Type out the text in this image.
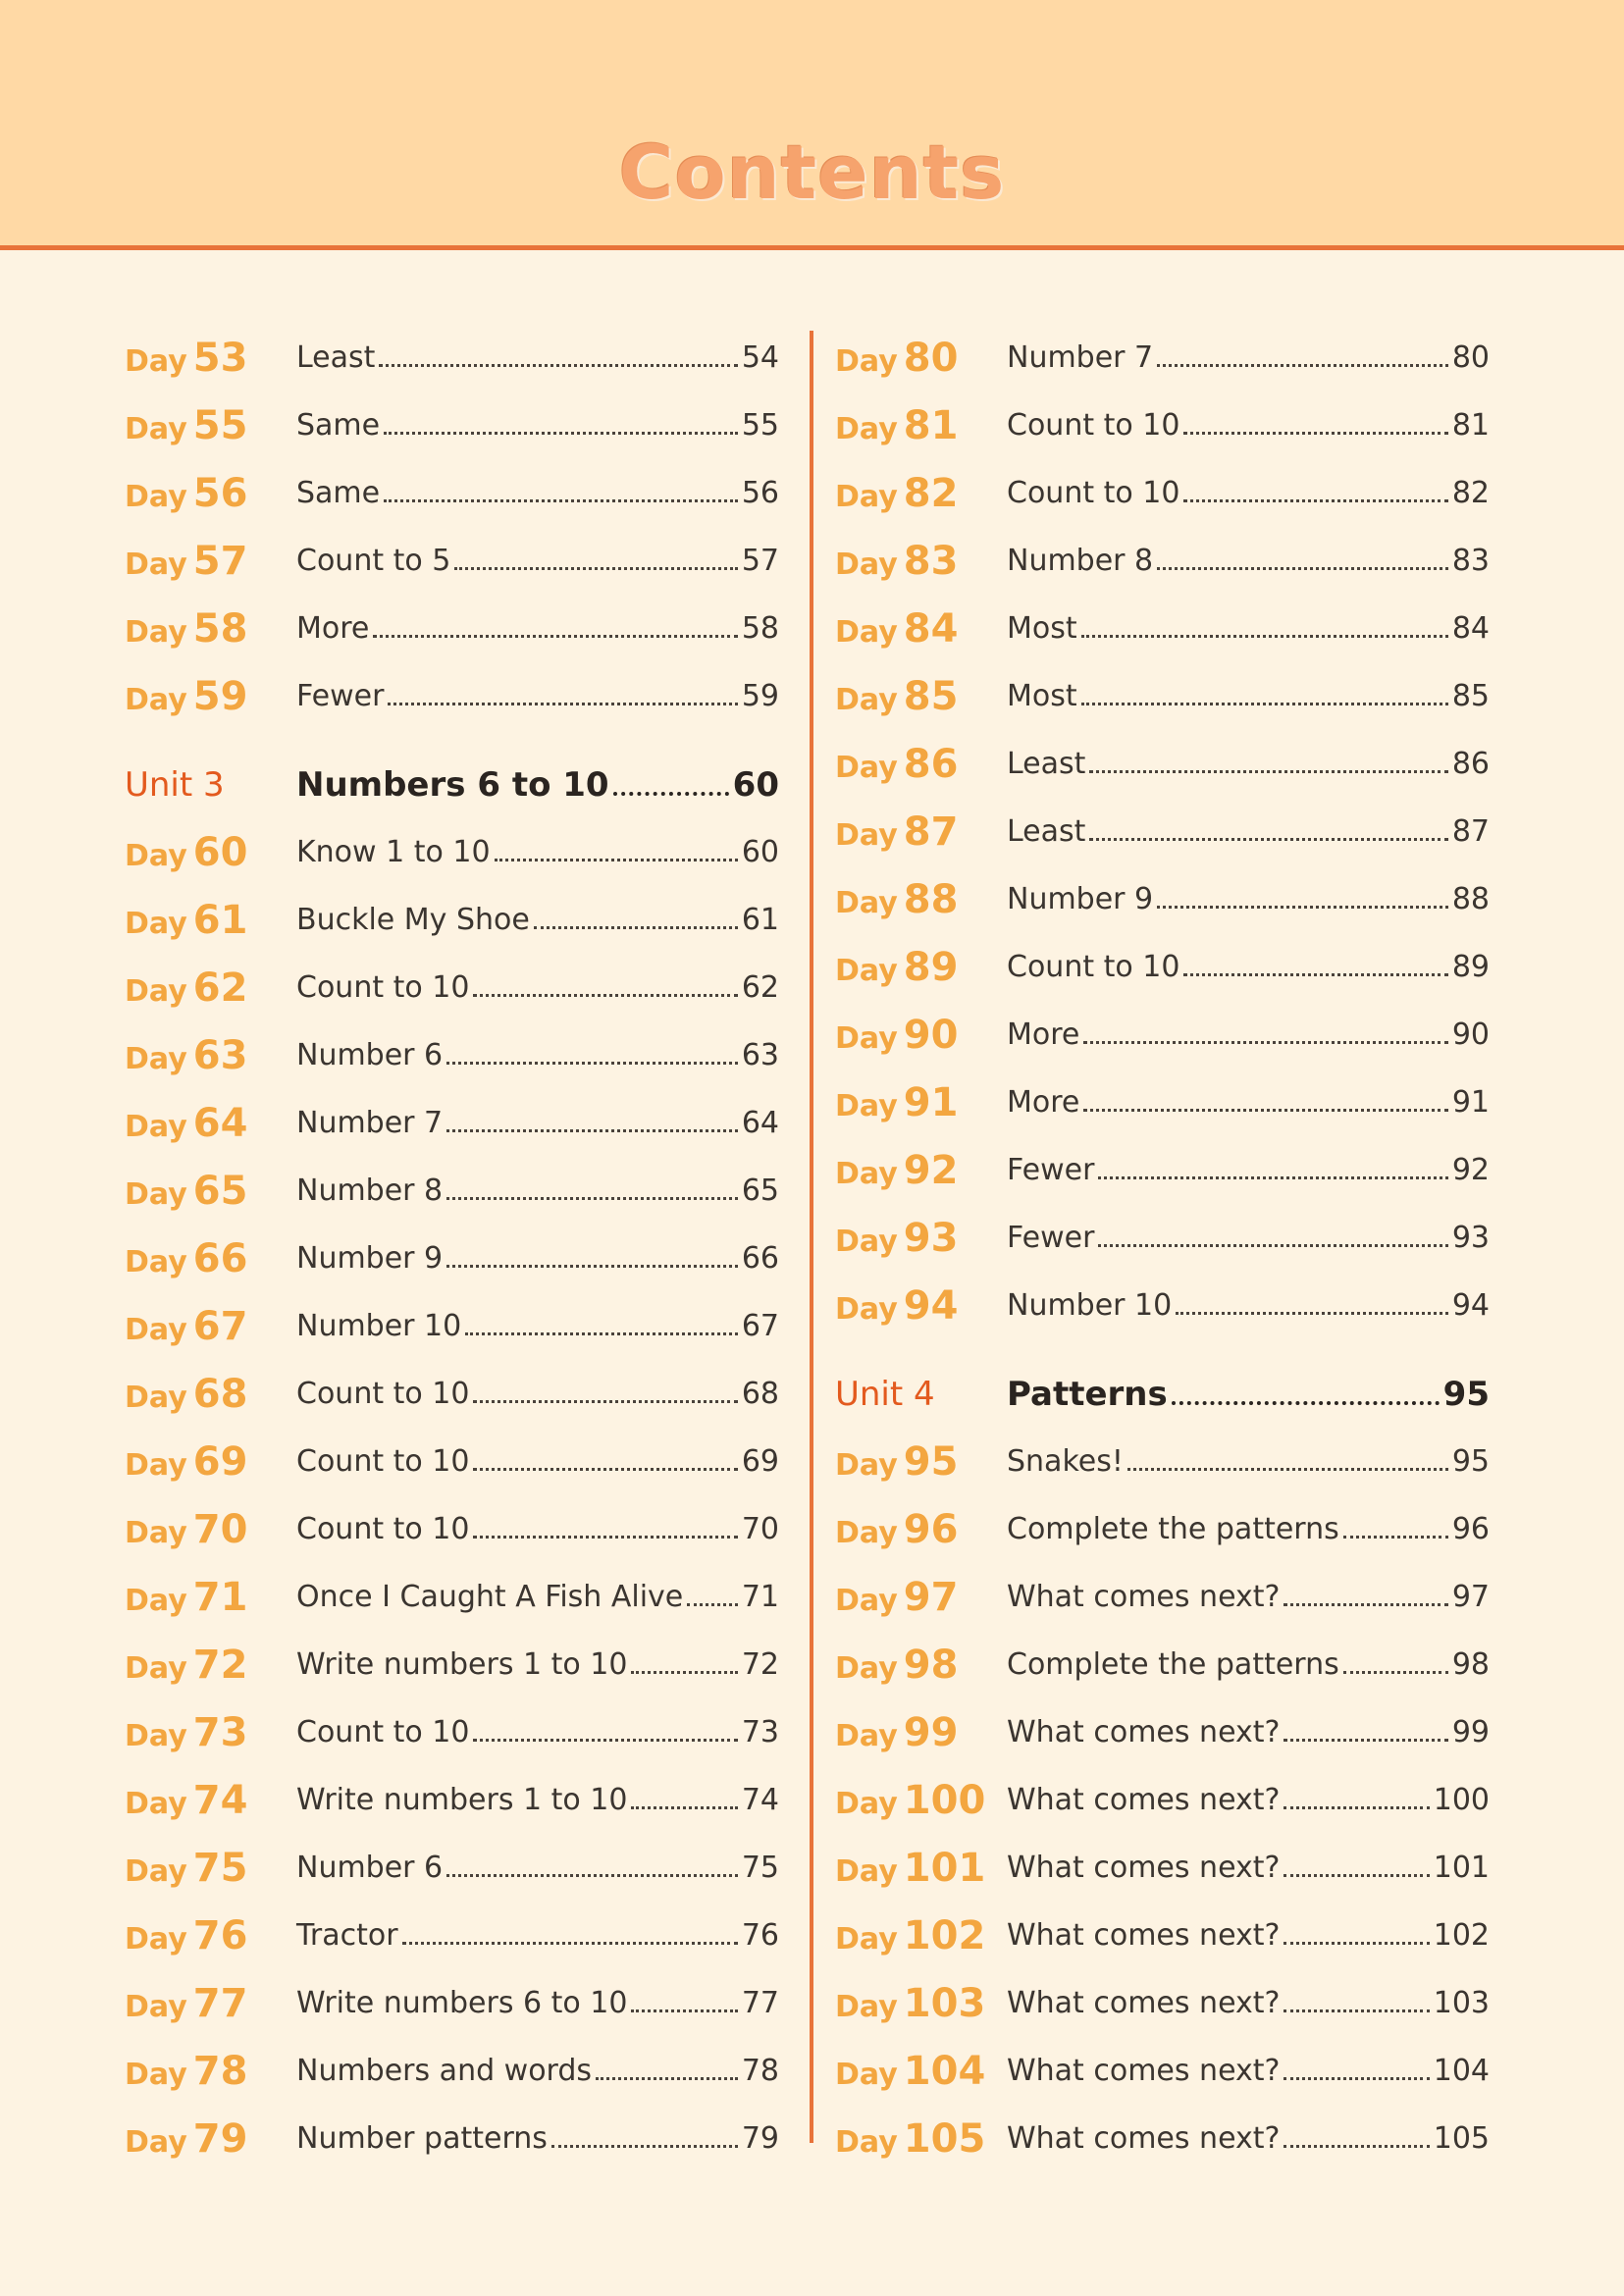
Contents
Day 53	Least	54
Day 55	Same	55
Day 56	Same	56
Day 57	Count to 5	57
Day 58	More	58
Day 59	Fewer	59
Unit 3	Numbers 6 to 10	60
Day 60	Know 1 to 10	60
Day 61	Buckle My Shoe	61
Day 62	Count to 10	62
Day 63	Number 6	63
Day 64	Number 7	64
Day 65	Number 8	65
Day 66	Number 9	66
Day 67	Number 10	67
Day 68	Count to 10	68
Day 69	Count to 10	69
Day 70	Count to 10	70
Day 71	Once I Caught A Fish Alive 71
Day 72	Write numbers 1 to 10	72
Day 73	Count to 10	73
Day 74	Write numbers 1 to 10	74
Day 75	Number 6	75
Day 76	Tractor	76
Day 77	Write numbers 6 to 10	77
Day 78	Numbers and words	78
Day 79	Number patterns	79
Day 80	Number 7	80
Day 81	Count to 10	81
Day 82	Count to 10	82
Day 83	Number 8	83
Day 84	Most	84
Day 85	Most	85
Day 86	Least	86
Day 87	Least	87
Day 88	Number 9	88
Day 89	Count to 10	89
Day 90	More	90
Day 91	More	91
Day 92	Fewer	92
Day 93	Fewer	93
Day 94	Number 10	94
Unit 4	Patterns	95
Day 95	Snakes!	95
Day 96	Complete the patterns	96
Day 97	What comes next?	97
Day 98	Complete the patterns	98
Day 99	What comes next?	99
Day 100 What comes next?	100
Day 101 What comes next?	101
Day 102 What comes next?	102
Day 103 What comes next?	103
Day 104 What comes next?	104
Day 105 What comes next?	105
